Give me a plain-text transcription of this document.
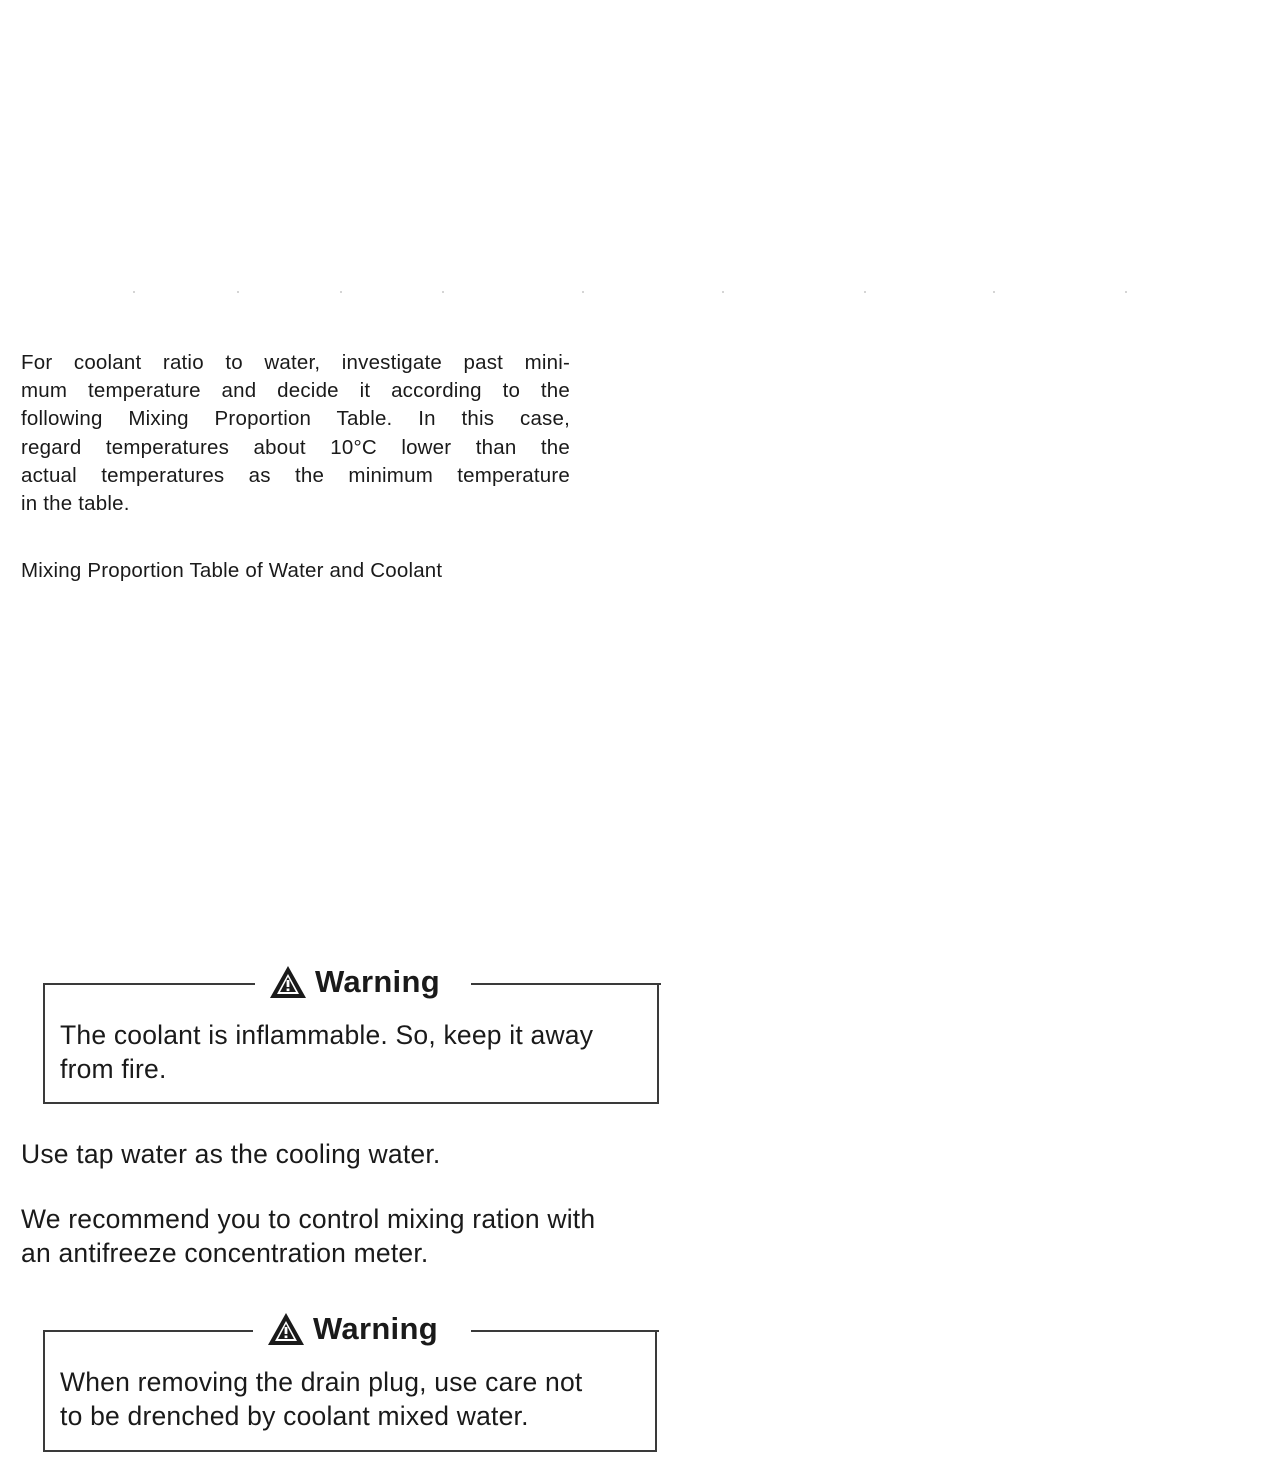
For coolant ratio to water, investigate past mini-
mum temperature and decide it according to the
following Mixing Proportion Table. In this case,
regard temperatures about 10°C lower than the
actual temperatures as the minimum temperature
in the table.

Mixing Proportion Table of Water and Coolant

Warning

The coolant is inflammable. So, keep it away
from fire.

Use tap water as the cooling water.

We recommend you to control mixing ration with
an antifreeze concentration meter.

Warning

When removing the drain plug, use care not
to be drenched by coolant mixed water.
